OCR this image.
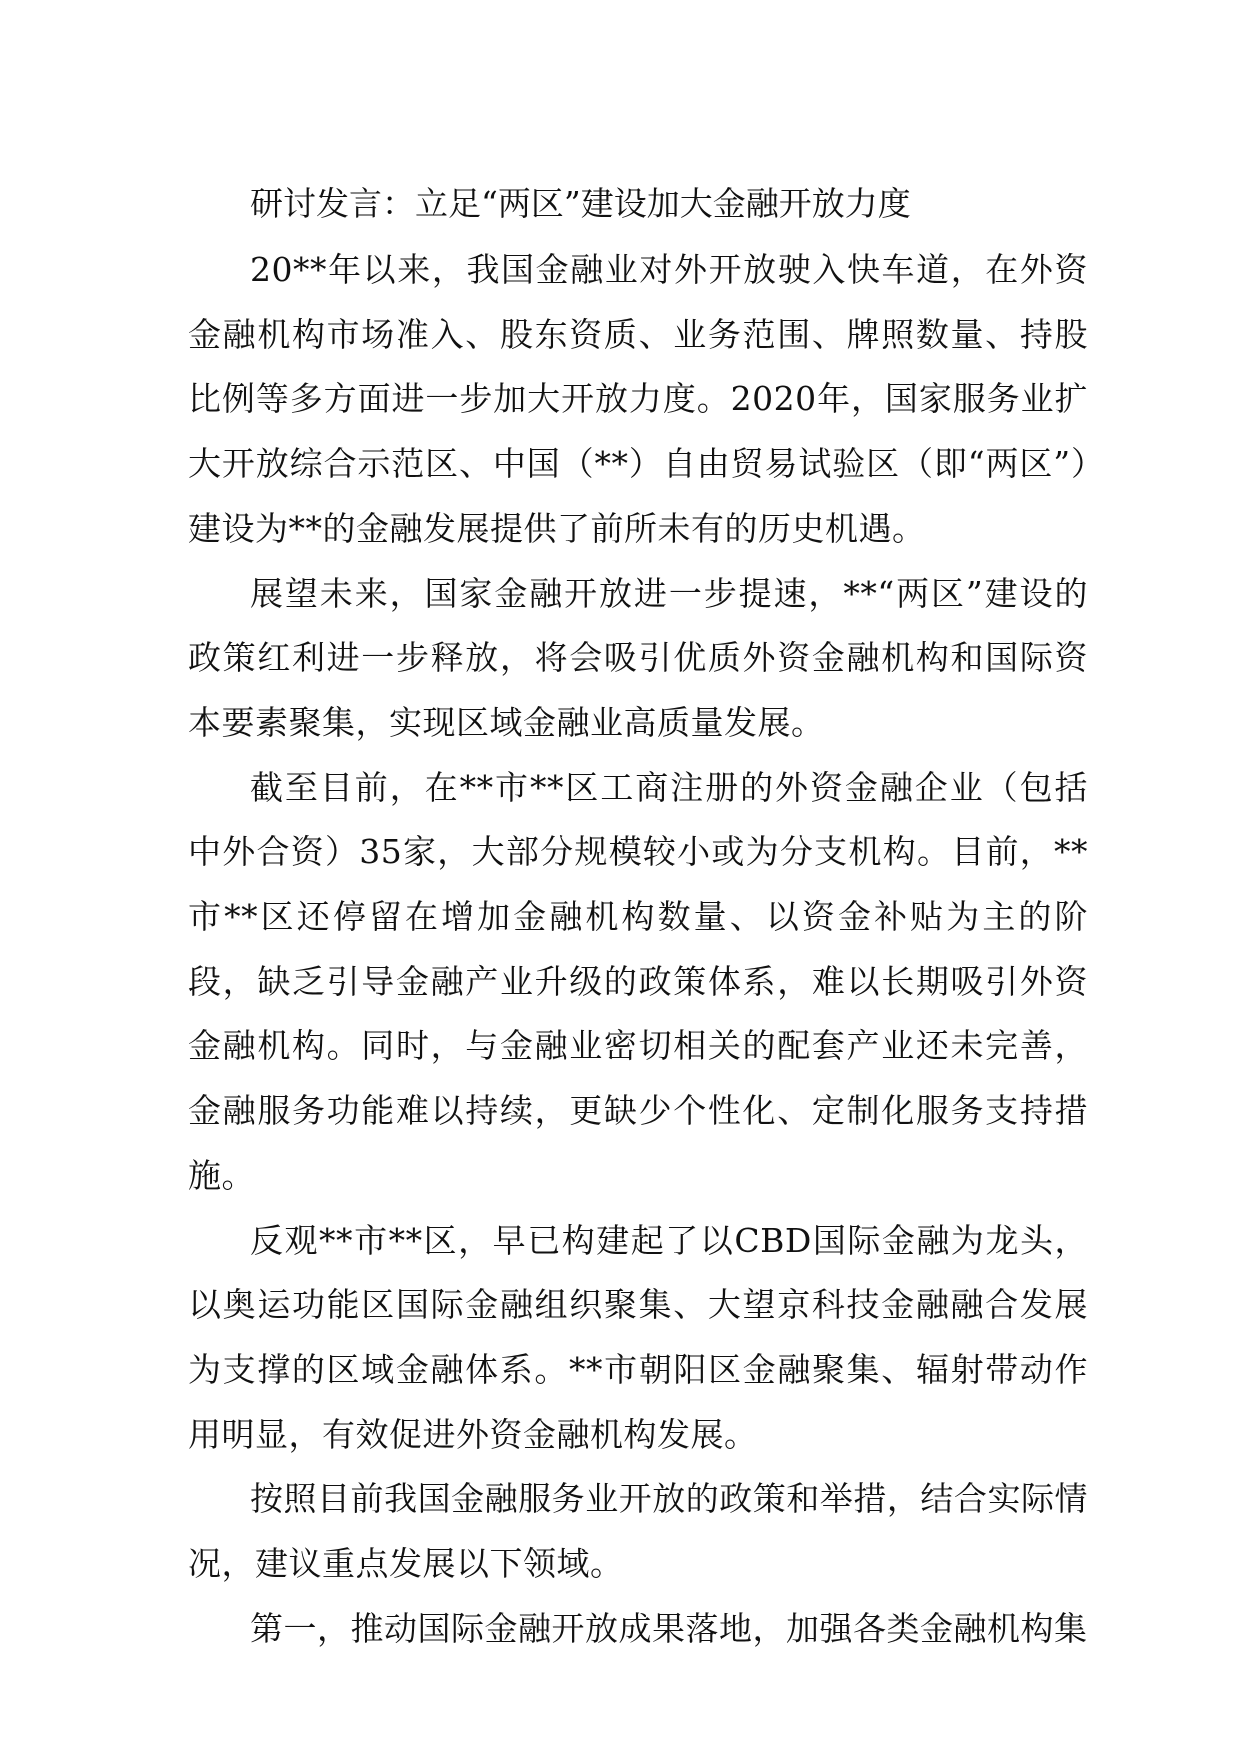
研讨发言：立足“两区”建设加大金融开放力度

20**年以来，我国金融业对外开放驶入快车道，在外资金融机构市场准入、股东资质、业务范围、牌照数量、持股比例等多方面进一步加大开放力度。2020年，国家服务业扩大开放综合示范区、中国（**）自由贸易试验区（即“两区”）建设为**的金融发展提供了前所未有的历史机遇。

展望未来，国家金融开放进一步提速，**“两区”建设的政策红利进一步释放，将会吸引优质外资金融机构和国际资本要素聚集，实现区域金融业高质量发展。

截至目前，在**市**区工商注册的外资金融企业（包括中外合资）35家，大部分规模较小或为分支机构。目前，**市**区还停留在增加金融机构数量、以资金补贴为主的阶段，缺乏引导金融产业升级的政策体系，难以长期吸引外资金融机构。同时，与金融业密切相关的配套产业还未完善，金融服务功能难以持续，更缺少个性化、定制化服务支持措施。

反观**市**区，早已构建起了以CBD国际金融为龙头，以奥运功能区国际金融组织聚集、大望京科技金融融合发展为支撑的区域金融体系。**市朝阳区金融聚集、辐射带动作用明显，有效促进外资金融机构发展。

按照目前我国金融服务业开放的政策和举措，结合实际情况，建议重点发展以下领域。

第一，推动国际金融开放成果落地，加强各类金融机构集
